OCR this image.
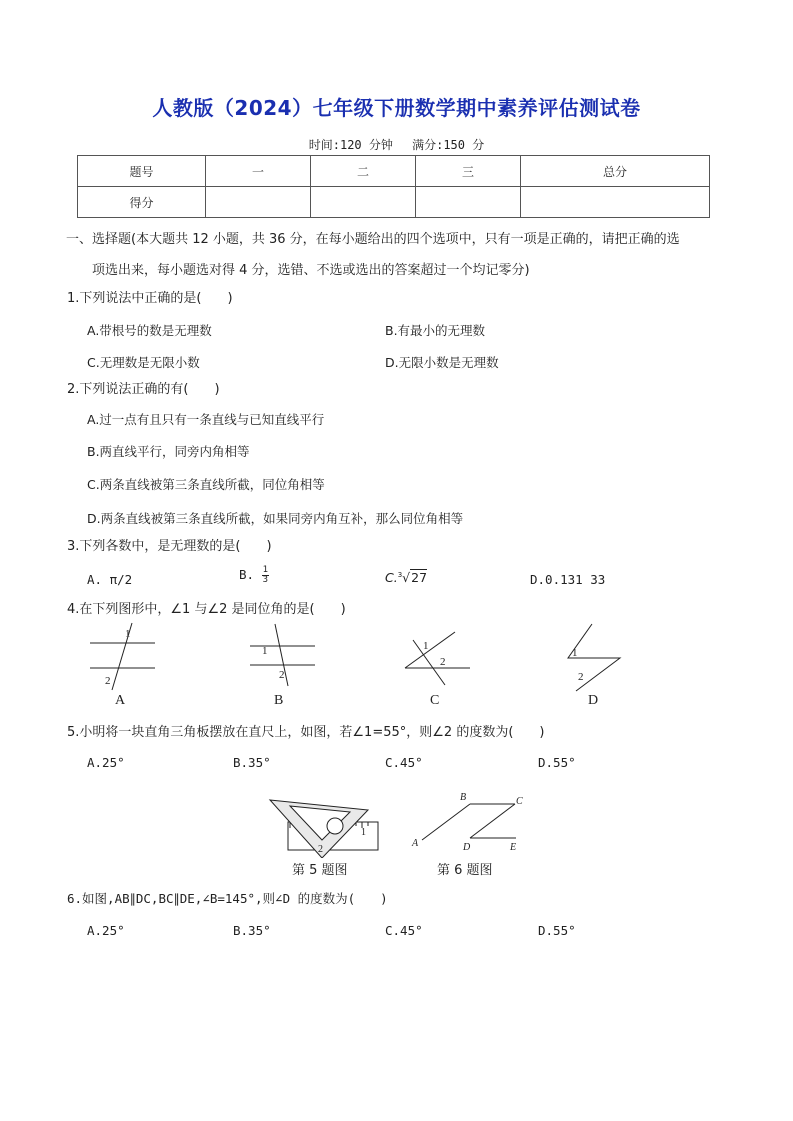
人教版（2024）七年级下册数学期中素养评估测试卷
时间:120 分钟 满分:150 分
题号	一	二	三	总分
得分				
一、选择题(本大题共 12 小题，共 36 分，在每小题给出的四个选项中，只有一项是正确的，请把正确的选
项选出来，每小题选对得 4 分，选错、不选或选出的答案超过一个均记零分)
1.下列说法中正确的是(　　)
A.带根号的数是无理数	B.有最小的无理数
C.无理数是无限小数	D.无限小数是无理数
2.下列说法正确的有(　　)
A.过一点有且只有一条直线与已知直线平行
B.两直线平行，同旁内角相等
C.两条直线被第三条直线所截，同位角相等
D.两条直线被第三条直线所截，如果同旁内角互补，那么同位角相等
3.下列各数中，是无理数的是(　　)
A. π/2	B. $\frac{1}{3}$	C.$^3$√27	D.0.131 33
4.在下列图形中，∠1 与∠2 是同位角的是(　　)
1
2
1
2
1
2
1
2
A	B	C	D
5.小明将一块直角三角板摆放在直尺上，如图，若∠1=55°，则∠2 的度数为(　　)
A.25°	B.35°	C.45°	D.55°
1
2
A
B	C
D	E
第 5 题图	第 6 题图
6.如图,AB∥DC,BC∥DE,∠B=145°,则∠D 的度数为(　　)
A.25°	B.35°	C.45°	D.55°
